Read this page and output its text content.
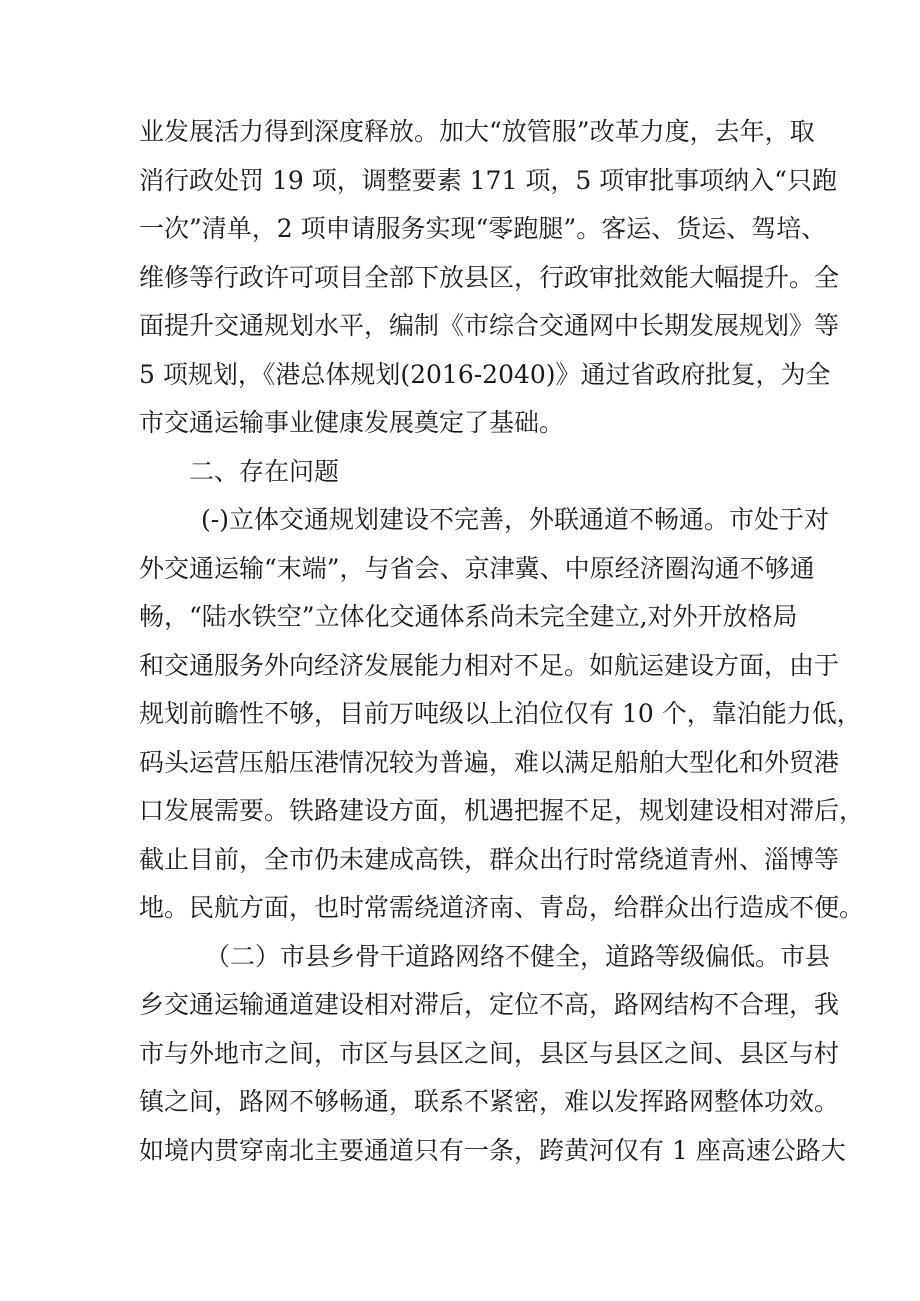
业发展活力得到深度释放。加大“放管服”改革力度，去年，取
消行政处罚 19 项，调整要素 171 项，5 项审批事项纳入“只跑
一次”清单，2 项申请服务实现“零跑腿”。客运、货运、驾培、
维修等行政许可项目全部下放县区，行政审批效能大幅提升。全
面提升交通规划水平，编制《市综合交通网中长期发展规划》等
5 项规划，《港总体规划(2016-2040)》通过省政府批复，为全
市交通运输事业健康发展奠定了基础。
二、存在问题
(-)立体交通规划建设不完善，外联通道不畅通。市处于对
外交通运输“末端”，与省会、京津冀、中原经济圈沟通不够通
畅，“陆水铁空”立体化交通体系尚未完全建立,对外开放格局
和交通服务外向经济发展能力相对不足。如航运建设方面，由于
规划前瞻性不够，目前万吨级以上泊位仅有 10 个，靠泊能力低，
码头运营压船压港情况较为普遍，难以满足船舶大型化和外贸港
口发展需要。铁路建设方面，机遇把握不足，规划建设相对滞后，
截止目前，全市仍未建成高铁，群众出行时常绕道青州、淄博等
地。民航方面，也时常需绕道济南、青岛，给群众出行造成不便。
（二）市县乡骨干道路网络不健全，道路等级偏低。市县
乡交通运输通道建设相对滞后，定位不高，路网结构不合理，我
市与外地市之间，市区与县区之间，县区与县区之间、县区与村
镇之间，路网不够畅通，联系不紧密，难以发挥路网整体功效。
如境内贯穿南北主要通道只有一条，跨黄河仅有 1 座高速公路大
